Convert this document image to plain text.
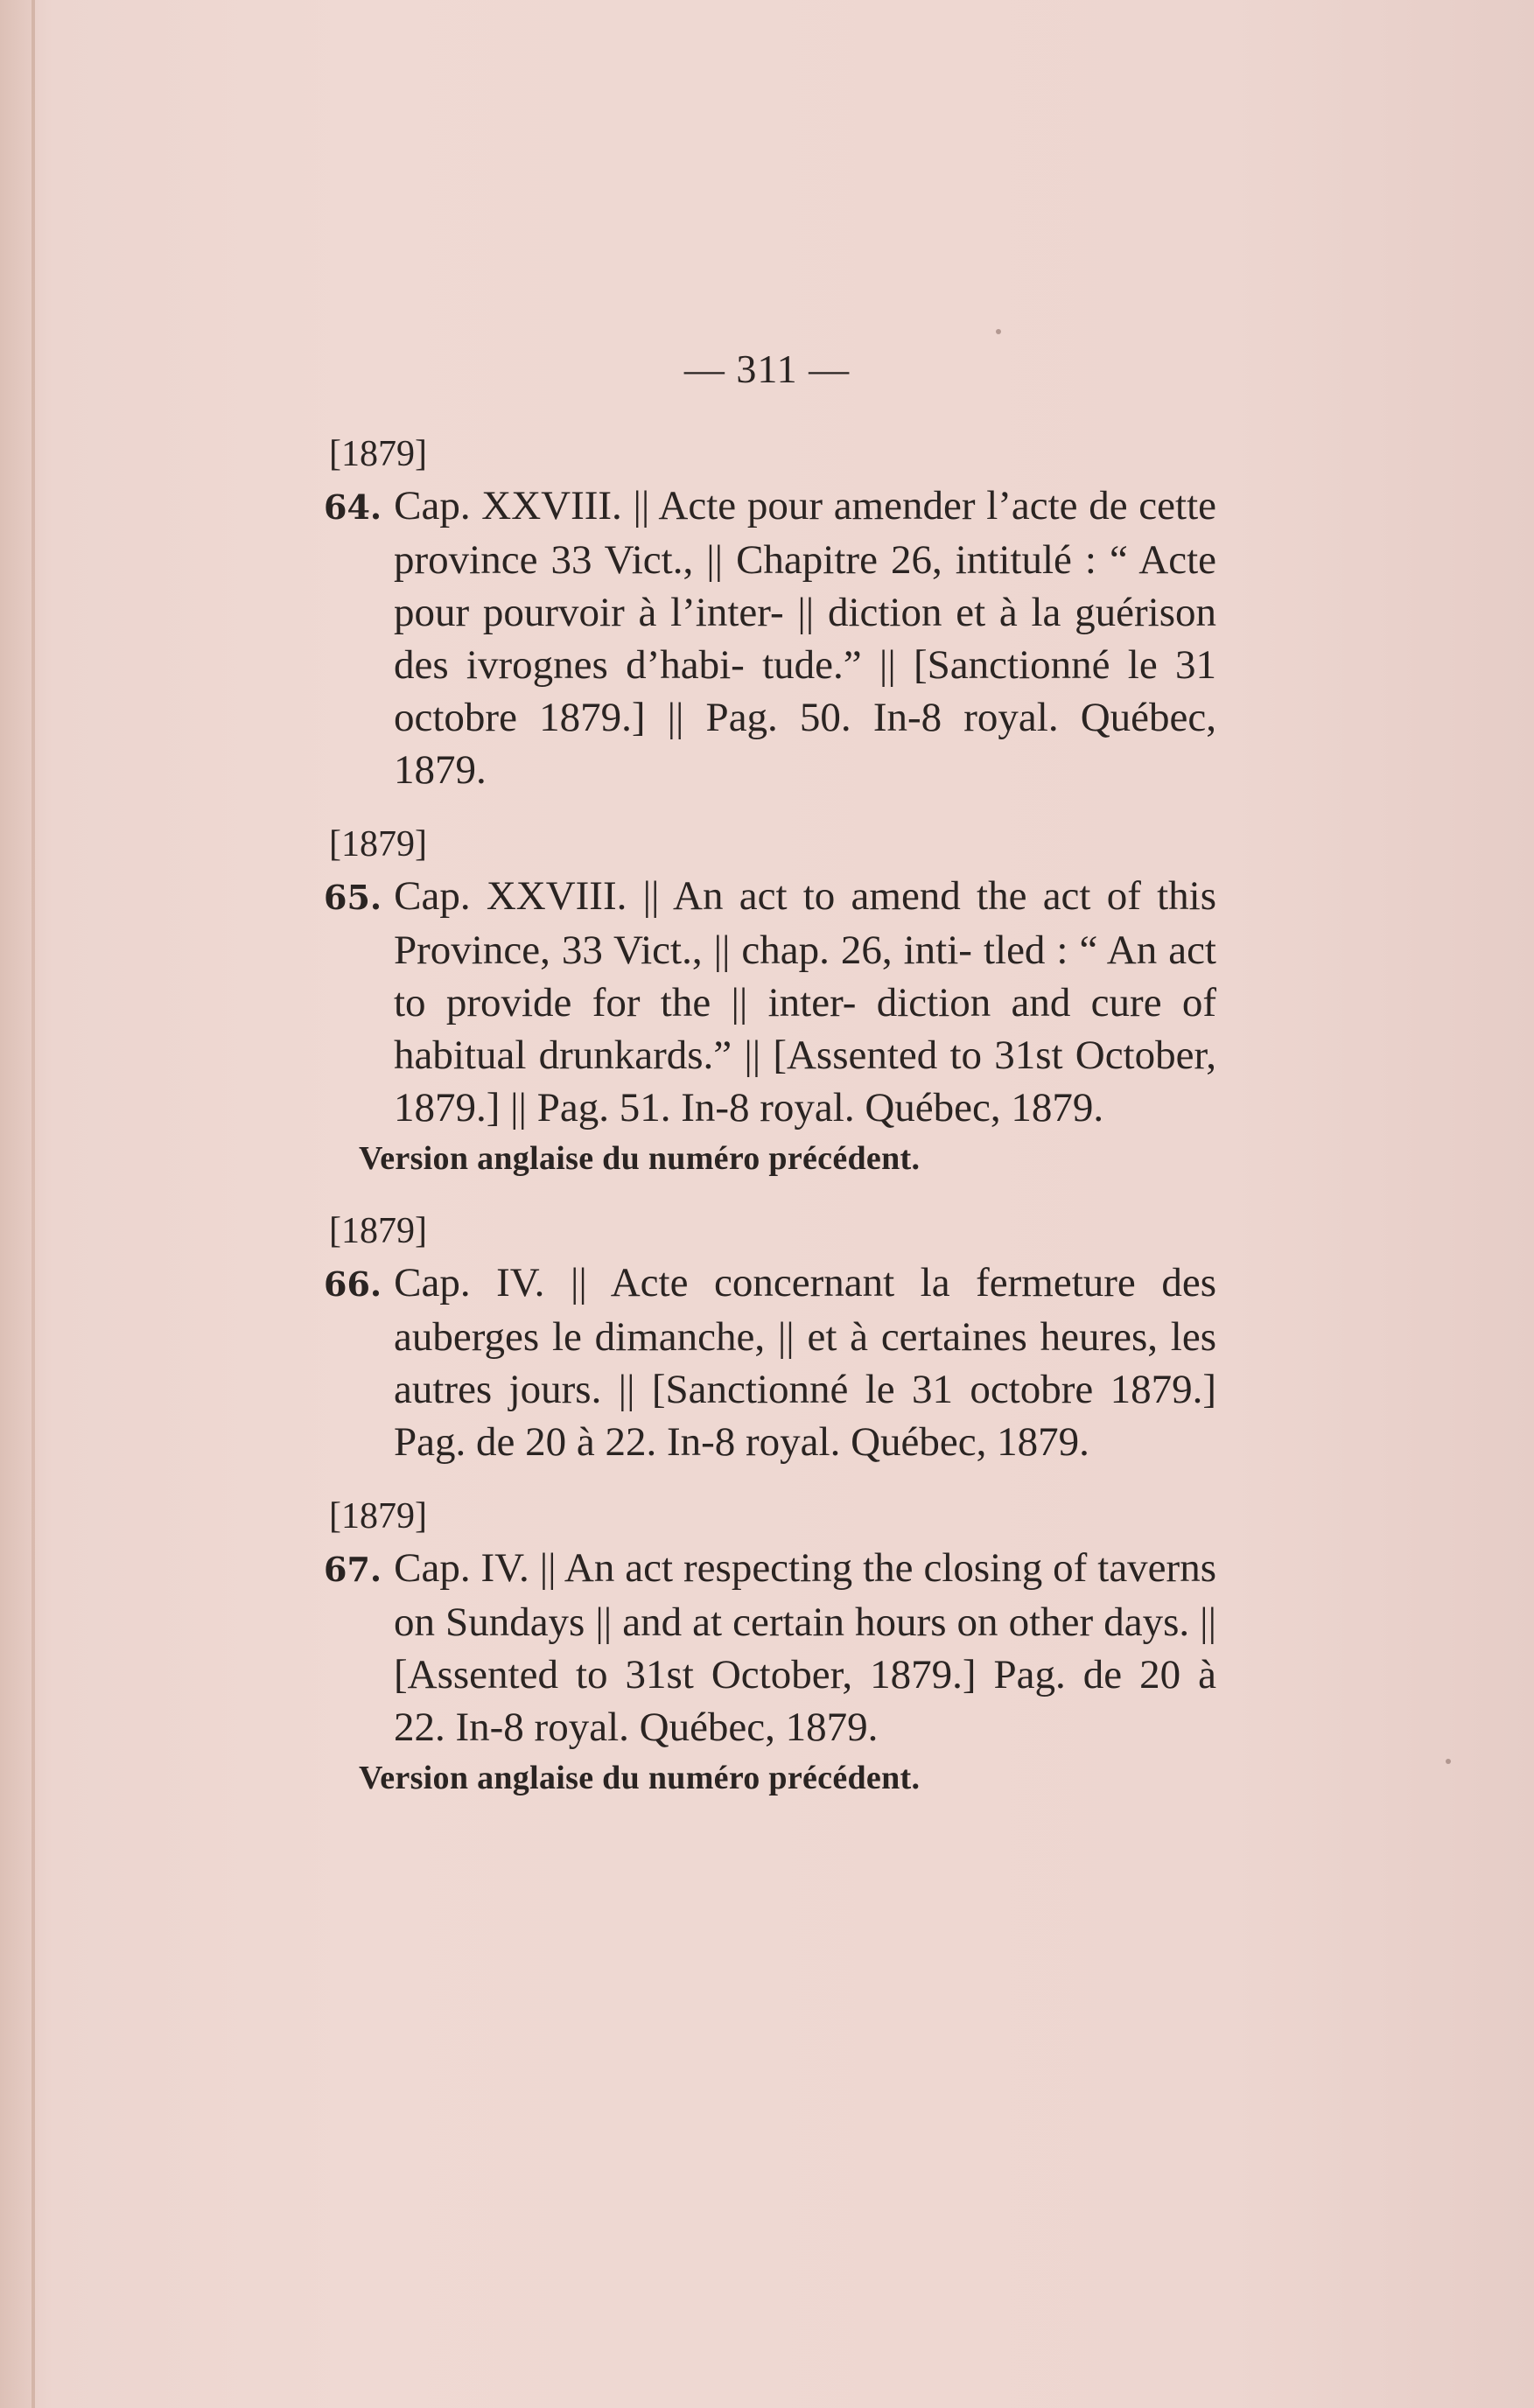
— 311 —
[1879]
64. Cap. XXVIII. || Acte pour amender l’acte de cette province 33 Vict., || Chapitre 26, intitulé : “ Acte pour pourvoir à l’inter- || diction et à la guérison des ivrognes d’habi- tude.” || [Sanctionné le 31 octobre 1879.] || Pag. 50. In-8 royal. Québec, 1879.
[1879]
65. Cap. XXVIII. || An act to amend the act of this Province, 33 Vict., || chap. 26, inti- tled : “ An act to provide for the || inter- diction and cure of habitual drunkards.” || [Assented to 31st October, 1879.] || Pag. 51. In-8 royal. Québec, 1879.
Version anglaise du numéro précédent.
[1879]
66. Cap. IV. || Acte concernant la fermeture des auberges le dimanche, || et à certaines heures, les autres jours. || [Sanctionné le 31 octobre 1879.] Pag. de 20 à 22. In-8 royal. Québec, 1879.
[1879]
67. Cap. IV. || An act respecting the closing of taverns on Sundays || and at certain hours on other days. || [Assented to 31st October, 1879.] Pag. de 20 à 22. In-8 royal. Québec, 1879.
Version anglaise du numéro précédent.
